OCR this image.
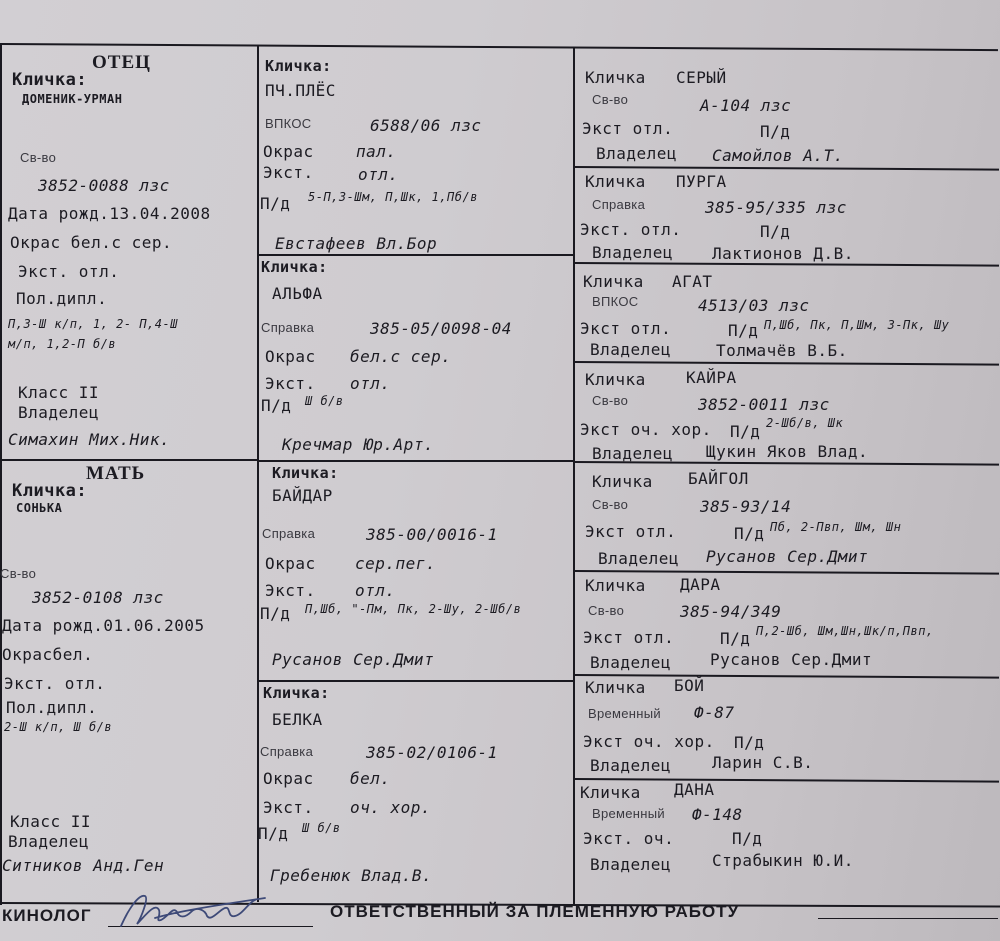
ОТЕЦ
Кличка:
ДОМЕНИК-УРМАН
Св-во
3852-0088 лзс
Дата рожд.13.04.2008
Окрас бел.с сер.
Экст. отл.
Пол.дипл.
П,3-Ш к/п, 1, 2- П,4-Ш
м/п, 1,2-П б/в
Класс II
Владелец
Симахин Мих.Ник.
МАТЬ
Кличка:
СОНЬКА
Св-во
3852-0108 лзс
Дата рожд.01.06.2005
Окрасбел.
Экст. отл.
Пол.дипл.
2-Ш к/п, Ш б/в
Класс II
Владелец
Ситников Анд.Ген
Кличка:
ПЧ.ПЛЁС
ВПКОС	6588/06 лзс
Окрас	пал.
Экст.	отл.
П/д 5-П,3-Шм, П,Шк, 1,Пб/в
Евстафеев Вл.Бор
Кличка:
АЛЬФА
Справка	385-05/0098-04
Окрас бел.с сер.
Экст. отл.
П/д Ш б/в
Кречмар Юр.Арт.
Кличка:
БАЙДАР
Справка	385-00/0016-1
Окрас сер.пег.
Экст. отл.
П/д П,Шб, "-Пм, Пк, 2-Шу, 2-Шб/в
Русанов Сер.Дмит
Кличка:
БЕЛКА
Справка	385-02/0106-1
Окрас бел.
Экст. оч. хор.
П/д Ш б/в
Гребенюк Влад.В.
Кличка СЕРЫЙ
Св-во	А-104 лзс
Экст отл.	П/д
Владелец Самойлов А.Т.
Кличка ПУРГА
Справка	385-95/335 лзс
Экст. отл.	П/д
Владелец Лактионов Д.В.
Кличка АГАТ
ВПКОС	4513/03 лзс
Экст отл.	П/д П,Шб, Пк, П,Шм, 3-Пк, Шу
Владелец	Толмачёв В.Б.
Кличка	КАЙРА
Св-во	3852-0011 лзс
Экст оч. хор. П/д 2-Шб/в, Шк
Владелец Щукин Яков Влад.
Кличка БАЙГОЛ
Св-во	385-93/14
Экст отл.	П/д Пб, 2-Пвп, Шм, Шн
Владелец Русанов Сер.Дмит
Кличка ДАРА
Св-во	385-94/349
Экст отл.	П/д П,2-Шб, Шм,Шн,Шк/п,Пвп,
Владелец Русанов Сер.Дмит
Кличка БОЙ
Временный Ф-87
Экст оч. хор. П/д
Владелец	Ларин С.В.
Кличка ДАНА
Временный Ф-148
Экст. оч.	П/д
Владелец	Страбыкин Ю.И.
КИНОЛОГ	ОТВЕТСТВЕННЫЙ ЗА ПЛЕМЕННУЮ РАБОТУ
